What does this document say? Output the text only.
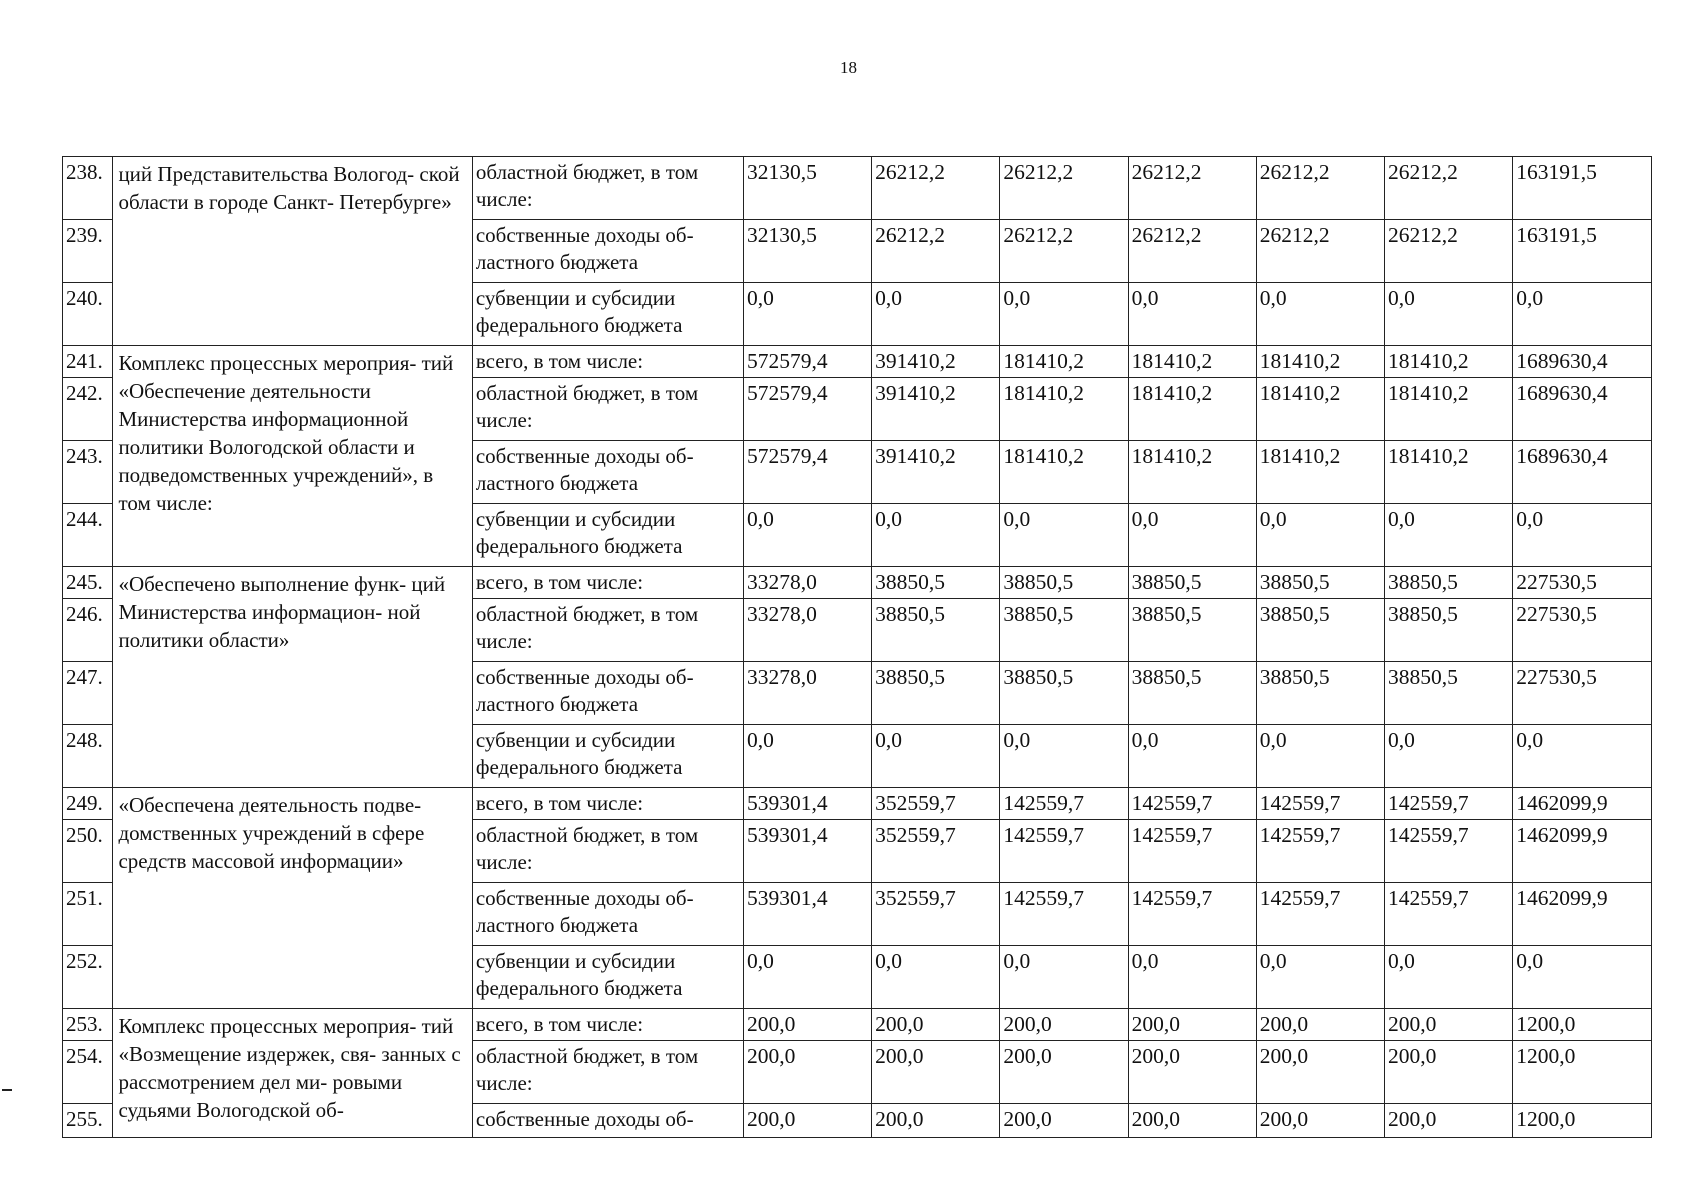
18
238.	ций Представительства Вологод- ской области в городе Санкт- Петербурге»	областной бюджет, в том числе:	32130,5	26212,2	26212,2	26212,2	26212,2	26212,2	163191,5
239.		собственные доходы об- ластного бюджета	32130,5	26212,2	26212,2	26212,2	26212,2	26212,2	163191,5
240.		субвенции и субсидии федерального бюджета	0,0	0,0	0,0	0,0	0,0	0,0	0,0
241.	Комплекс процессных мероприя- тий «Обеспечение деятельности Министерства информационной политики Вологодской области и подведомственных учреждений», в том числе:	всего, в том числе:	572579,4	391410,2	181410,2	181410,2	181410,2	181410,2	1689630,4
242.		областной бюджет, в том числе:	572579,4	391410,2	181410,2	181410,2	181410,2	181410,2	1689630,4
243.		собственные доходы об- ластного бюджета	572579,4	391410,2	181410,2	181410,2	181410,2	181410,2	1689630,4
244.		субвенции и субсидии федерального бюджета	0,0	0,0	0,0	0,0	0,0	0,0	0,0
245.	«Обеспечено выполнение функ- ций Министерства информацион- ной политики области»	всего, в том числе:	33278,0	38850,5	38850,5	38850,5	38850,5	38850,5	227530,5
246.		областной бюджет, в том числе:	33278,0	38850,5	38850,5	38850,5	38850,5	38850,5	227530,5
247.		собственные доходы об- ластного бюджета	33278,0	38850,5	38850,5	38850,5	38850,5	38850,5	227530,5
248.		субвенции и субсидии федерального бюджета	0,0	0,0	0,0	0,0	0,0	0,0	0,0
249.	«Обеспечена деятельность подве- домственных учреждений в сфере средств массовой информации»	всего, в том числе:	539301,4	352559,7	142559,7	142559,7	142559,7	142559,7	1462099,9
250.		областной бюджет, в том числе:	539301,4	352559,7	142559,7	142559,7	142559,7	142559,7	1462099,9
251.		собственные доходы об- ластного бюджета	539301,4	352559,7	142559,7	142559,7	142559,7	142559,7	1462099,9
252.		субвенции и субсидии федерального бюджета	0,0	0,0	0,0	0,0	0,0	0,0	0,0
253.	Комплекс процессных мероприя- тий «Возмещение издержек, свя- занных с рассмотрением дел ми- ровыми судьями Вологодской об-	всего, в том числе:	200,0	200,0	200,0	200,0	200,0	200,0	1200,0
254.		областной бюджет, в том числе:	200,0	200,0	200,0	200,0	200,0	200,0	1200,0
255.		собственные доходы об-	200,0	200,0	200,0	200,0	200,0	200,0	1200,0
